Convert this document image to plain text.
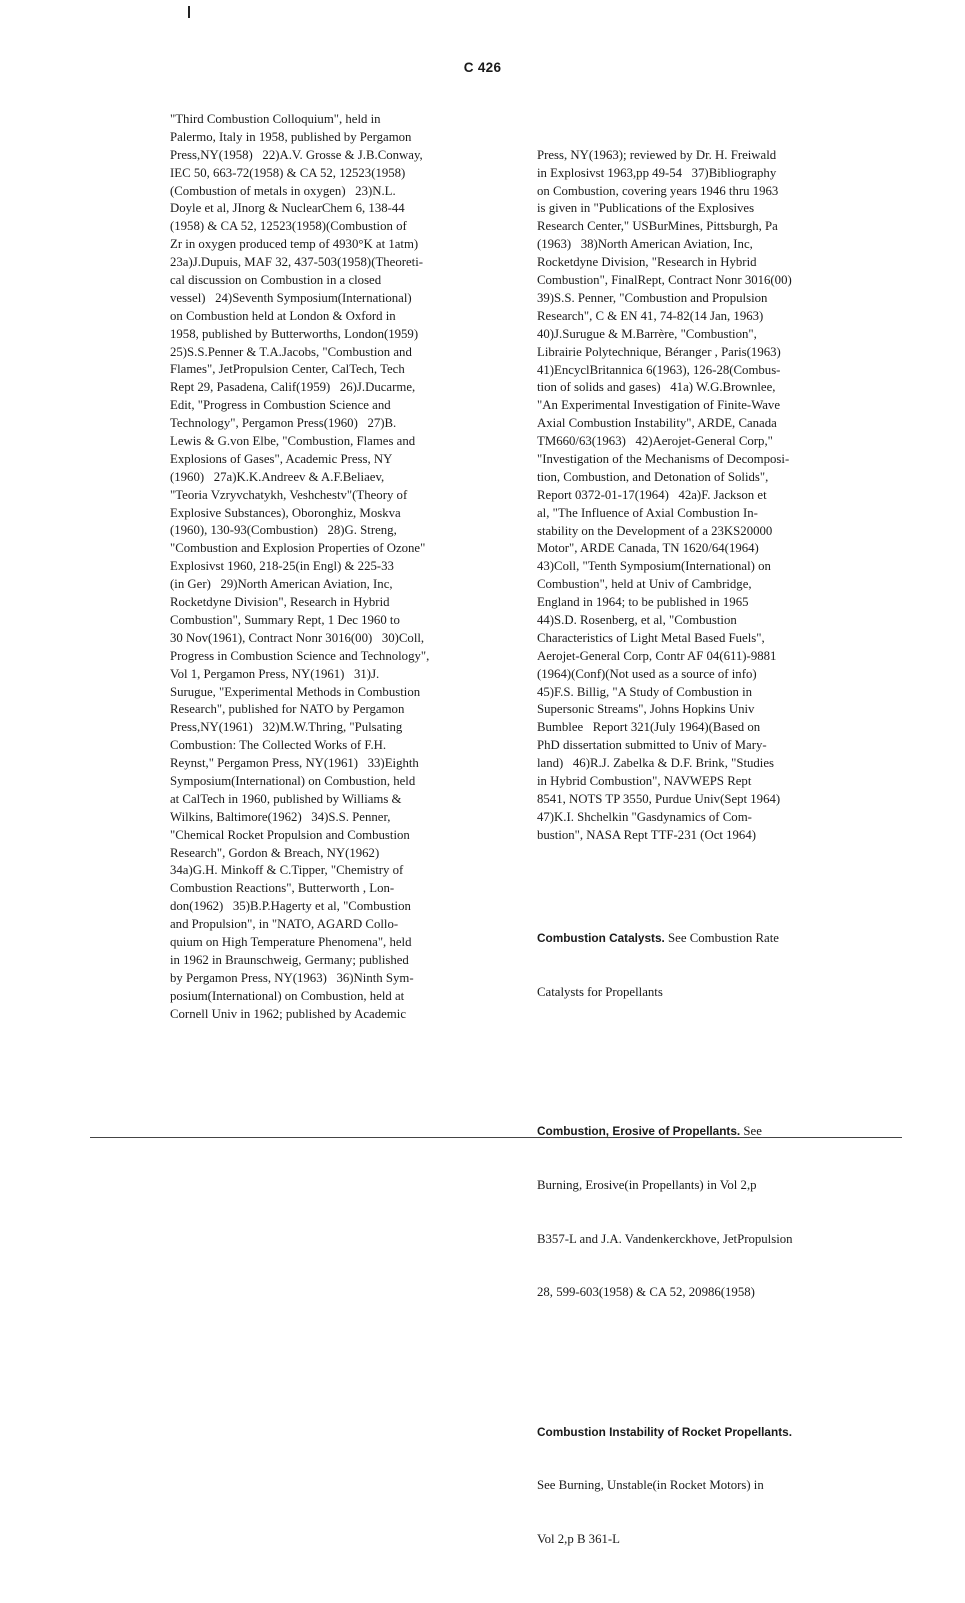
C 426
"Third Combustion Colloquium", held in
Palermo, Italy in 1958, published by Pergamon
Press,NY(1958)   22)A.V. Grosse & J.B.Conway,
IEC 50, 663-72(1958) & CA 52, 12523(1958)
(Combustion of metals in oxygen)   23)N.L.
Doyle et al, JInorg & NuclearChem 6, 138-44
(1958) & CA 52, 12523(1958)(Combustion of
Zr in oxygen produced temp of 4930°K at 1atm)
23a)J.Dupuis, MAF 32, 437-503(1958)(Theoreti-
cal discussion on Combustion in a closed
vessel)   24)Seventh Symposium(International)
on Combustion held at London & Oxford in
1958, published by Butterworths, London(1959)
25)S.S.Penner & T.A.Jacobs, "Combustion and
Flames", JetPropulsion Center, CalTech, Tech
Rept 29, Pasadena, Calif(1959)   26)J.Ducarme,
Edit, "Progress in Combustion Science and
Technology", Pergamon Press(1960)   27)B.
Lewis & G.von Elbe, "Combustion, Flames and
Explosions of Gases", Academic Press, NY
(1960)   27a)K.K.Andreev & A.F.Beliaev,
"Teoria Vzryvchatykh, Veshchestv"(Theory of
Explosive Substances), Oboronghiz, Moskva
(1960), 130-93(Combustion)   28)G. Streng,
"Combustion and Explosion Properties of Ozone"
Explosivst 1960, 218-25(in Engl) & 225-33
(in Ger)   29)North American Aviation, Inc,
Rocketdyne Division", Research in Hybrid
Combustion", Summary Rept, 1 Dec 1960 to
30 Nov(1961), Contract Nonr 3016(00)   30)Coll,
Progress in Combustion Science and Technology",
Vol 1, Pergamon Press, NY(1961)   31)J.
Surugue, "Experimental Methods in Combustion
Research", published for NATO by Pergamon
Press,NY(1961)   32)M.W.Thring, "Pulsating
Combustion: The Collected Works of F.H.
Reynst," Pergamon Press, NY(1961)   33)Eighth
Symposium(International) on Combustion, held
at CalTech in 1960, published by Williams &
Wilkins, Baltimore(1962)   34)S.S. Penner,
"Chemical Rocket Propulsion and Combustion
Research", Gordon & Breach, NY(1962)
34a)G.H. Minkoff & C.Tipper, "Chemistry of
Combustion Reactions", Butterworth , Lon-
don(1962)   35)B.P.Hagerty et al, "Combustion
and Propulsion", in "NATO, AGARD Collo-
quium on High Temperature Phenomena", held
in 1962 in Braunschweig, Germany; published
by Pergamon Press, NY(1963)   36)Ninth Sym-
posium(International) on Combustion, held at
Cornell Univ in 1962; published by Academic

Press, NY(1963); reviewed by Dr. H. Freiwald
in Explosivst 1963,pp 49-54   37)Bibliography
on Combustion, covering years 1946 thru 1963
is given in "Publications of the Explosives
Research Center," USBurMines, Pittsburgh, Pa
(1963)   38)North American Aviation, Inc,
Rocketdyne Division, "Research in Hybrid
Combustion", FinalRept, Contract Nonr 3016(00)
39)S.S. Penner, "Combustion and Propulsion
Research", C & EN 41, 74-82(14 Jan, 1963)
40)J.Surugue & M.Barrère, "Combustion",
Librairie Polytechnique, Béranger , Paris(1963)
41)EncyclBritannica 6(1963), 126-28(Combus-
tion of solids and gases)   41a) W.G.Brownlee,
"An Experimental Investigation of Finite-Wave
Axial Combustion Instability", ARDE, Canada
TM660/63(1963)   42)Aerojet-General Corp,"
"Investigation of the Mechanisms of Decomposi-
tion, Combustion, and Detonation of Solids",
Report 0372-01-17(1964)   42a)F. Jackson et
al, "The Influence of Axial Combustion In-
stability on the Development of a 23KS20000
Motor", ARDE Canada, TN 1620/64(1964)
43)Coll, "Tenth Symposium(International) on
Combustion", held at Univ of Cambridge,
England in 1964; to be published in 1965
44)S.D. Rosenberg, et al, "Combustion
Characteristics of Light Metal Based Fuels",
Aerojet-General Corp, Contr AF 04(611)-9881
(1964)(Conf)(Not used as a source of info)
45)F.S. Billig, "A Study of Combustion in
Supersonic Streams", Johns Hopkins Univ
Bumblee   Report 321(July 1964)(Based on
PhD dissertation submitted to Univ of Mary-
land)   46)R.J. Zabelka & D.F. Brink, "Studies
in Hybrid Combustion", NAVWEPS Rept
8541, NOTS TP 3550, Purdue Univ(Sept 1964)
47)K.I. Shchelkin "Gasdynamics of Com-
bustion", NASA Rept TTF-231 (Oct 1964)

Combustion Catalysts. See Combustion Rate

Catalysts for Propellants

Combustion, Erosive of Propellants. See

Burning, Erosive(in Propellants) in Vol 2,p

B357-L and J.A. Vandenkerckhove, JetPropulsion

28, 599-603(1958) & CA 52, 20986(1958)

Combustion Instability of Rocket Propellants.

See Burning, Unstable(in Rocket Motors) in

Vol 2,p B 361-L
